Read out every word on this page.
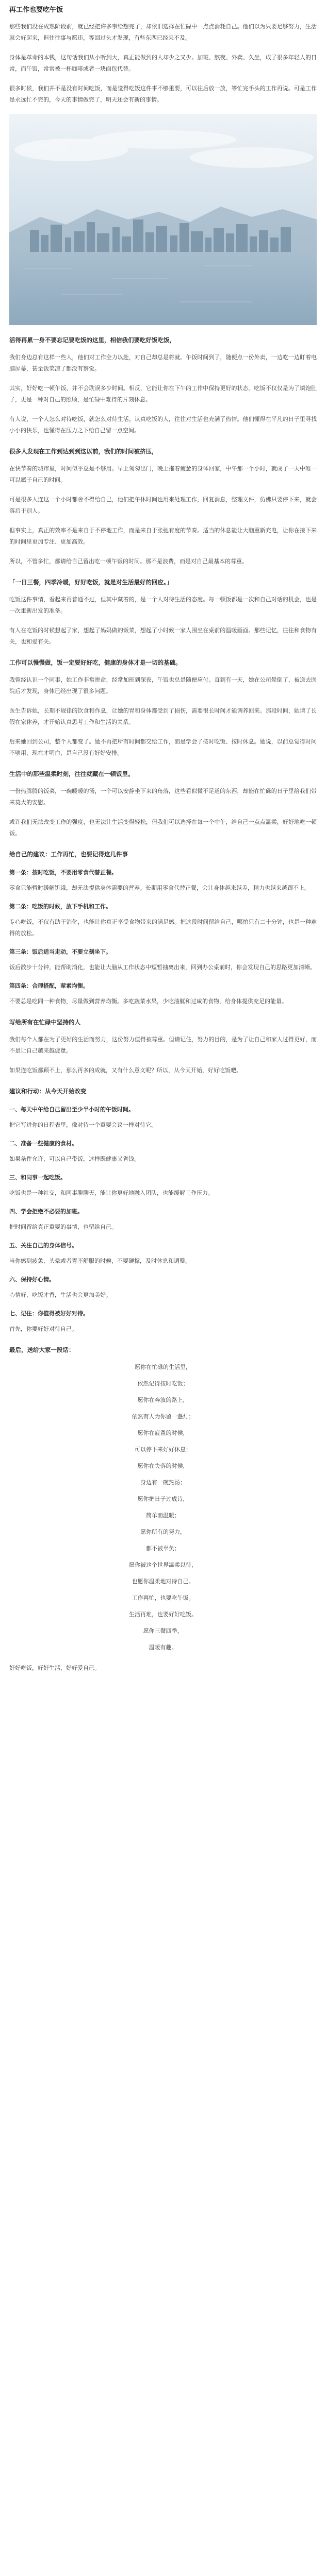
再工作也要吃午饭

那些我们没在成熟阶段前，就已经把许多事给想完了，却依旧选择在忙碌中一点点消耗自己。他们以为只要足够努力，生活就会好起来，但往往事与愿违，等回过头才发现，有些东西已经来不及。

身体是革命的本钱，这句话我们从小听到大，真正能做到的人却少之又少。加班、熬夜、外卖、久坐，成了很多年轻人的日常，而午饭，常常被一杯咖啡或者一块面包代替。

很多时候，我们并不是没有时间吃饭，而是觉得吃饭这件事不够重要，可以往后放一放，等忙完手头的工作再说。可是工作是永远忙不完的，今天的事情做完了，明天还会有新的事情。

活得再累一身不要忘记要吃饭的这里，相信我们要吃好饭吃饭，

我们身边总有这样一些人，他们对工作全力以赴，对自己却总是将就。午饭时间到了，随便点一份外卖，一边吃一边盯着电脑屏幕，甚至饭菜凉了都没有察觉。

其实，好好吃一顿午饭，并不会耽误多少时间。相反，它能让你在下午的工作中保持更好的状态。吃饭不仅仅是为了填饱肚子，更是一种对自己的照顾，是忙碌中难得的片刻休息。

有人说，一个人怎么对待吃饭，就怎么对待生活。认真吃饭的人，往往对生活也充满了热情。他们懂得在平凡的日子里寻找小小的快乐，也懂得在压力之下给自己留一点空间。

很多人发现在工作到达到到这以前，我们的时间被挤压，

在快节奏的城市里，时间似乎总是不够用。早上匆匆出门，晚上拖着疲惫的身体回家，中午那一个小时，就成了一天中唯一可以属于自己的时间。

可是很多人连这一个小时都舍不得给自己，他们把午休时间也用来处理工作，回复消息，整理文件，仿佛只要停下来，就会落后于别人。

但事实上，真正的效率不是来自于不停地工作，而是来自于张弛有度的节奏。适当的休息能让大脑重新充电，让你在接下来的时间里更加专注、更加高效。

所以，不管多忙，都请给自己留出吃一顿午饭的时间。那不是浪费，而是对自己最基本的尊重。

「一日三餐，四季冷暖，好好吃饭，就是对生活最好的回应。」

吃饭这件事情，看起来再普通不过，但其中藏着的，是一个人对待生活的态度。每一顿饭都是一次和自己对话的机会，也是一次重新出发的准备。

有人在吃饭的时候想起了家，想起了妈妈做的饭菜，想起了小时候一家人围坐在桌前的温暖画面。那些记忆，往往和食物有关，也和爱有关。

工作可以慢慢做，饭一定要好好吃，健康的身体才是一切的基础。

我曾经认识一个同事，她工作非常拼命，经常加班到深夜，午饭也总是随便应付。直到有一天，她在公司晕倒了，被送去医院后才发现，身体已经出现了很多问题。

医生告诉她，长期不规律的饮食和作息，让她的胃和身体都受到了损伤，需要很长时间才能调养回来。那段时间，她请了长假在家休养，才开始认真思考工作和生活的关系。

后来她回到公司，整个人都变了。她不再把所有时间都交给工作，而是学会了按时吃饭、按时休息。她说，以前总觉得时间不够用，现在才明白，是自己没有好好安排。

生活中的那些温柔时刻，往往就藏在一顿饭里。

一份热腾腾的饭菜，一碗暖暖的汤，一个可以安静坐下来的角落，这些看似微不足道的东西，却能在忙碌的日子里给我们带来莫大的安慰。

或许我们无法改变工作的强度，也无法让生活变得轻松，但我们可以选择在每一个中午，给自己一点点温柔，好好地吃一顿饭。

给自己的建议：工作再忙，也要记得这几件事
第一条：按时吃饭，不要用零食代替正餐。

零食只能暂时缓解饥饿，却无法提供身体需要的营养。长期用零食代替正餐，会让身体越来越差，精力也越来越跟不上。

第二条：吃饭的时候，放下手机和工作。

专心吃饭，不仅有助于消化，也能让你真正享受食物带来的满足感。把这段时间留给自己，哪怕只有二十分钟，也是一种难得的放松。

第三条：饭后适当走动，不要立刻坐下。

饭后散步十分钟，能帮助消化，也能让大脑从工作状态中短暂抽离出来，回到办公桌前时，你会发现自己的思路更加清晰。

第四条：合理搭配，荤素均衡。

不要总是吃同一种食物，尽量做到营养均衡。多吃蔬菜水果，少吃油腻和过咸的食物，给身体提供充足的能量。

写给所有在忙碌中坚持的人

我们每个人都在为了更好的生活而努力，这份努力值得被尊重。但请记住，努力的目的，是为了让自己和家人过得更好，而不是让自己越来越疲惫。

如果连吃饭都顾不上，那么再多的成就，又有什么意义呢？所以，从今天开始，好好吃饭吧。

建议和行动：从今天开始改变
一、每天中午给自己留出至少半小时的午饭时间。

把它写进你的日程表里，像对待一个重要会议一样对待它。

二、准备一些健康的食材。

如果条件允许，可以自己带饭，这样既健康又省钱。

三、和同事一起吃饭。

吃饭也是一种社交，和同事聊聊天，能让你更好地融入团队，也能缓解工作压力。

四、学会拒绝不必要的加班。

把时间留给真正重要的事情，也留给自己。

五、关注自己的身体信号。

当你感到疲惫、头晕或者胃不舒服的时候，不要硬撑，及时休息和调整。

六、保持好心情。

心情好，吃饭才香，生活也会更加美好。

七、记住：你值得被好好对待。

首先，你要好好对待自己。

最后，送给大家一段话：
愿你在忙碌的生活里，
依然记得按时吃饭；
愿你在奔波的路上，
依然有人为你留一盏灯；
愿你在疲惫的时候，
可以停下来好好休息；
愿你在失落的时候，
身边有一碗热汤；
愿你把日子过成诗，
简单而温暖；
愿你所有的努力，
都不被辜负；
愿你被这个世界温柔以待，
也愿你温柔地对待自己。
工作再忙，也要吃午饭。
生活再难，也要好好吃饭。
愿你三餐四季，
温暖有趣。

好好吃饭，好好生活，好好爱自己。
